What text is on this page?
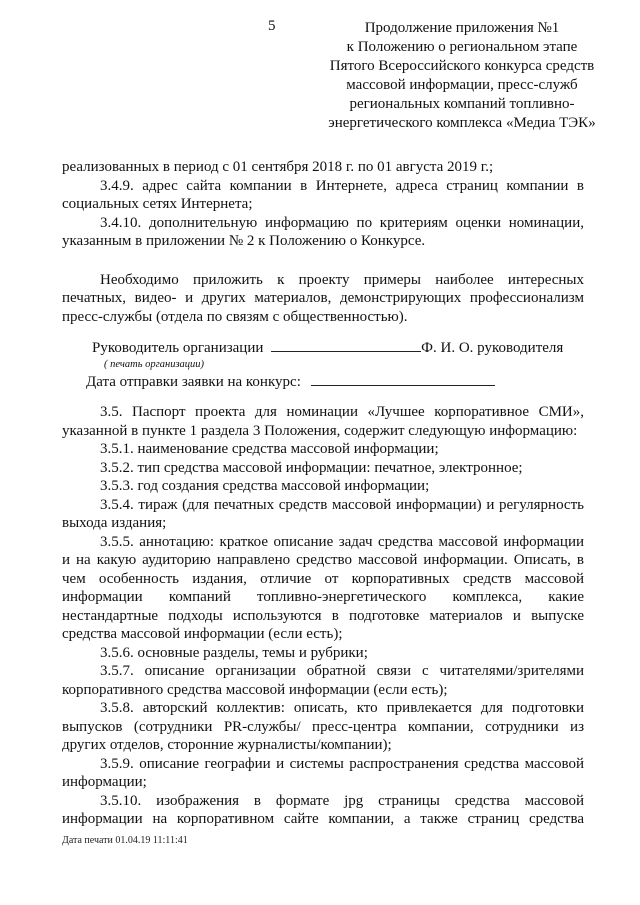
5	Продолжение приложения №1
к Положению о региональном этапе
Пятого Всероссийского конкурса средств
массовой информации, пресс-служб
региональных компаний топливно-
энергетического комплекса «Медиа ТЭК»
реализованных в период с 01 сентября 2018 г. по 01 августа 2019 г.;
3.4.9. адрес сайта компании в Интернете, адреса страниц компании в
социальных сетях Интернета;
3.4.10. дополнительную информацию по критериям оценки номинации,
указанным в приложении № 2 к Положению о Конкурсе.
Необходимо приложить к проекту примеры наиболее интересных
печатных, видео- и других материалов, демонстрирующих профессионализм
пресс-службы (отдела по связям с общественностью).
Руководитель организации	Ф. И. О. руководителя
( печать организации)
Дата отправки заявки на конкурс:
3.5. Паспорт проекта для номинации «Лучшее корпоративное СМИ»,
указанной в пункте 1 раздела 3 Положения, содержит следующую информацию:
3.5.1. наименование средства массовой информации;
3.5.2. тип средства массовой информации: печатное, электронное;
3.5.3. год создания средства массовой информации;
3.5.4. тираж (для печатных средств массовой информации) и регулярность
выхода издания;
3.5.5. аннотацию: краткое описание задач средства массовой информации
и на какую аудиторию направлено средство массовой информации. Описать, в
чем особенность издания, отличие от корпоративных средств массовой
информации компаний топливно-энергетического комплекса, какие
нестандартные подходы используются в подготовке материалов и выпуске
средства массовой информации (если есть);
3.5.6. основные разделы, темы и рубрики;
3.5.7. описание организации обратной связи с читателями/зрителями
корпоративного средства массовой информации (если есть);
3.5.8. авторский коллектив: описать, кто привлекается для подготовки
выпусков (сотрудники PR-службы/ пресс-центра компании, сотрудники из
других отделов, сторонние журналисты/компании);
3.5.9. описание географии и системы распространения средства массовой
информации;
3.5.10. изображения в формате jpg страницы средства массовой
информации на корпоративном сайте компании, а также страниц средства
Дата печати 01.04.19 11:11:41
